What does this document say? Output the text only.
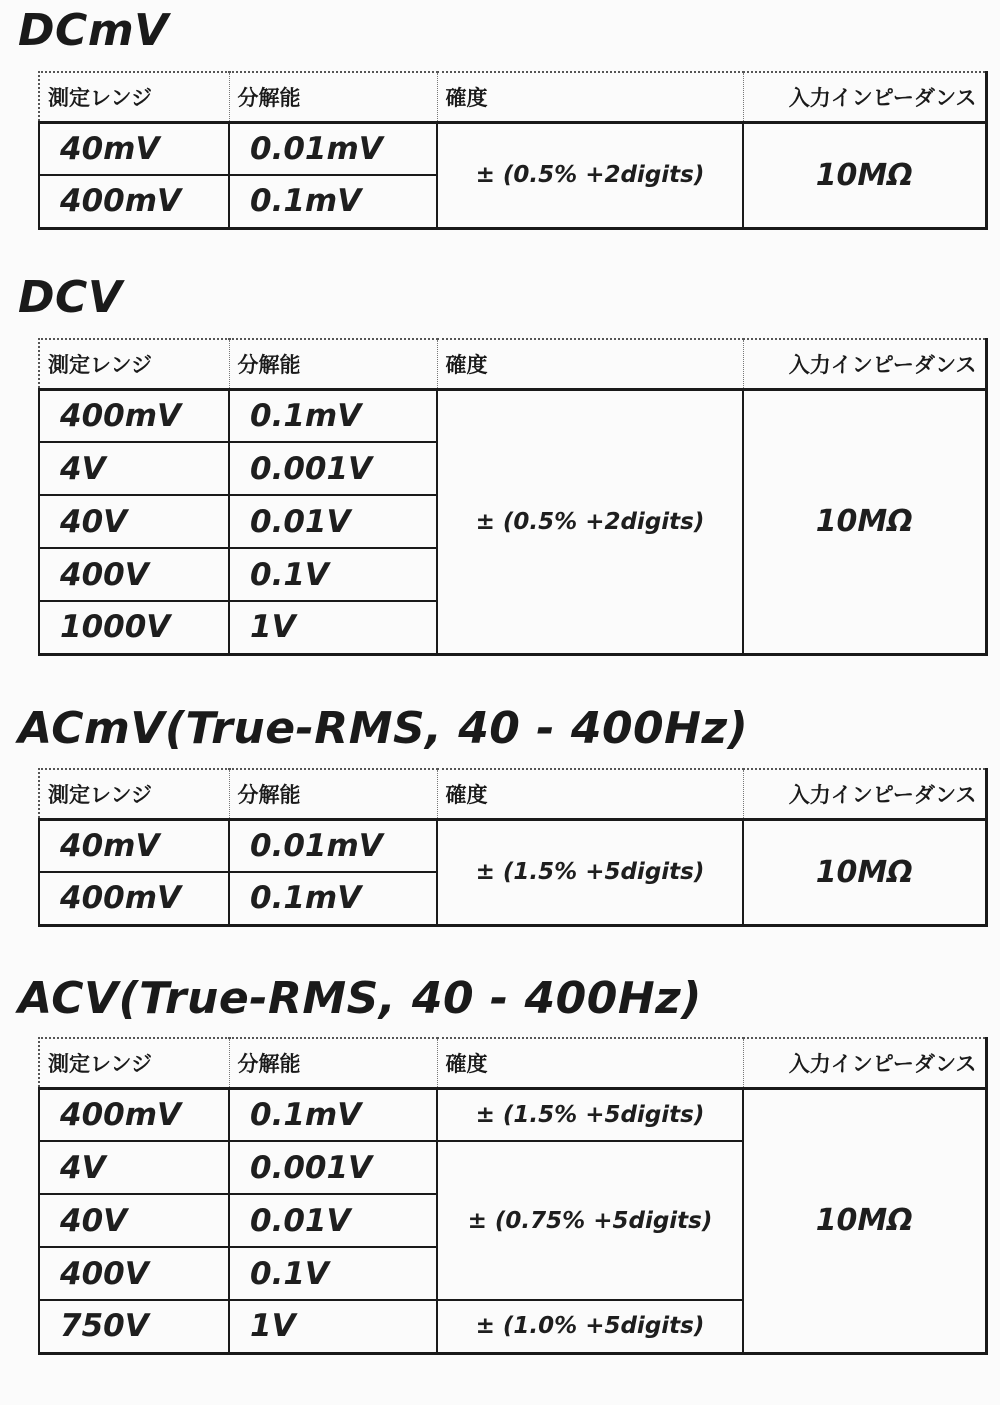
DCmV
測定レンジ	分解能	確度	入力インピーダンス
40mV	0.01mV	± (0.5% +2digits)	10MΩ
400mV	0.1mV		
DCV
測定レンジ	分解能	確度	入力インピーダンス
400mV	0.1mV	± (0.5% +2digits)	10MΩ
4V	0.001V		
40V	0.01V		
400V	0.1V		
1000V	1V		
ACmV(True-RMS, 40 - 400Hz)
測定レンジ	分解能	確度	入力インピーダンス
40mV	0.01mV	± (1.5% +5digits)	10MΩ
400mV	0.1mV		
ACV(True-RMS, 40 - 400Hz)
測定レンジ	分解能	確度	入力インピーダンス
400mV	0.1mV	± (1.5% +5digits)	10MΩ
4V	0.001V	± (0.75% +5digits)	
40V	0.01V		
400V	0.1V		
750V	1V	± (1.0% +5digits)	
